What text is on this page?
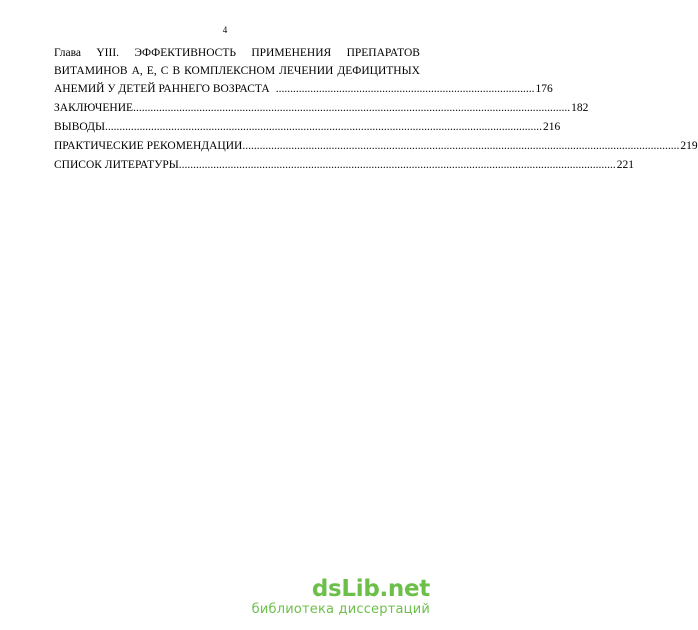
4
Глава YIII. ЭФФЕКТИВНОСТЬ ПРИМЕНЕНИЯ ПРЕПАРАТОВ
ВИТАМИНОВ А, Е, С В КОМПЛЕКСНОМ ЛЕЧЕНИИ ДЕФИЦИТНЫХ
АНЕМИЙ У ДЕТЕЙ РАННЕГО ВОЗРАСТА .......................................................................................... 176
ЗАКЛЮЧЕНИЕ ........................................................................................................................................................ 182
ВЫВОДЫ ........................................................................................................................................................ 216
ПРАКТИЧЕСКИЕ РЕКОМЕНДАЦИИ ........................................................................................................................................................ 219
СПИСОК ЛИТЕРАТУРЫ ........................................................................................................................................................ 221
dsLib.net
библиотека диссертаций
